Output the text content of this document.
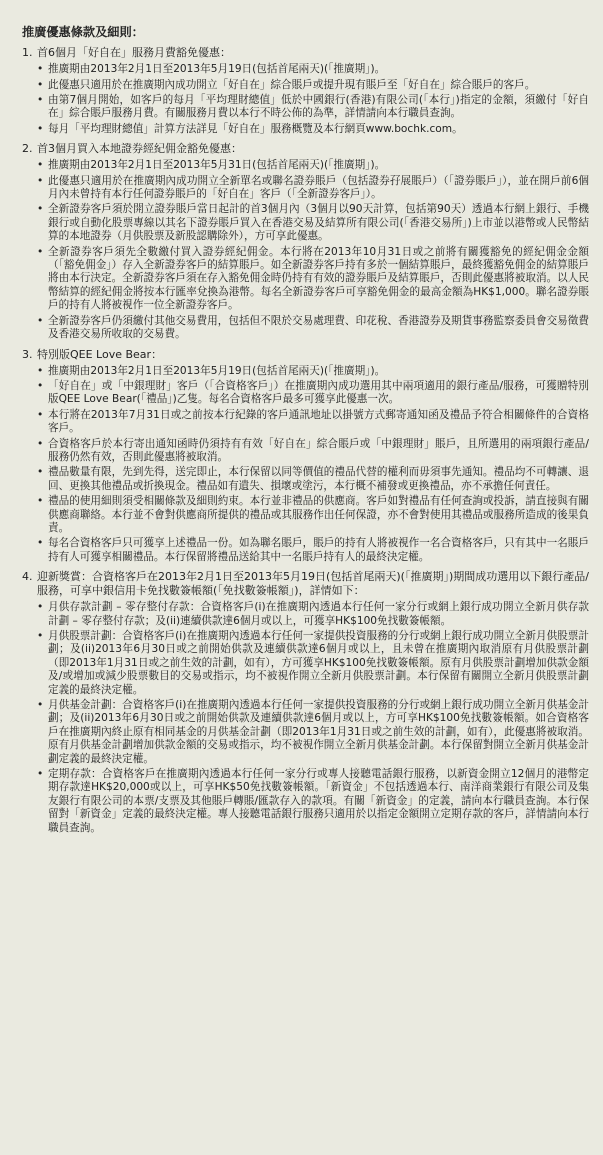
推廣優惠條款及細則：
1. 首6個月「好自在」服務月費豁免優惠：
• 推廣期由2013年2月1日至2013年5月19日(包括首尾兩天)(「推廣期」)。
• 此優惠只適用於在推廣期內成功開立「好自在」綜合賬戶或提升現有賬戶至「好自在」綜合賬戶的客戶。
• 由第7個月開始，如客戶的每月「平均理財總值」低於中國銀行(香港)有限公司(「本行」)指定的金額，須繳付「好自在」綜合賬戶服務月費。有關服務月費以本行不時公佈的為準，詳情請向本行職員查詢。
• 每月「平均理財總值」計算方法詳見「好自在」服務概覽及本行網頁www.bochk.com。
2. 首3個月買入本地證券經紀佣金豁免優惠：
• 推廣期由2013年2月1日至2013年5月31日(包括首尾兩天)(「推廣期」)。
• 此優惠只適用於在推廣期內成功開立全新單名或聯名證券賬戶（包括證券孖展賬戶）（「證券賬戶」），並在開戶前6個月內未曾持有本行任何證券賬戶的「好自在」客戶（「全新證券客戶」）。
• 全新證券客戶須於開立證券賬戶當日起計的首3個月內（3個月以90天計算，包括第90天）透過本行網上銀行、手機銀行或自動化股票專線以其名下證券賬戶買入在香港交易及結算所有限公司(「香港交易所」)上市並以港幣或人民幣結算的本地證券（月供股票及新股認購除外），方可享此優惠。
• 全新證券客戶須先全數繳付買入證券經紀佣金。本行將在2013年10月31日或之前將有關獲豁免的經紀佣金金額（「豁免佣金」）存入全新證券客戶的結算賬戶。如全新證券客戶持有多於一個結算賬戶，最終獲豁免佣金的結算賬戶將由本行決定。全新證券客戶須在存入豁免佣金時仍持有有效的證券賬戶及結算賬戶，否則此優惠將被取消。以人民幣結算的經紀佣金將按本行匯率兌換為港幣。每名全新證券客戶可享豁免佣金的最高金額為HK$1,000。聯名證券賬戶的持有人將被視作一位全新證券客戶。
• 全新證券客戶仍須繳付其他交易費用，包括但不限於交易處理費、印花稅、香港證券及期貨事務監察委員會交易徵費及香港交易所收取的交易費。
3. 特別版QEE Love Bear：
• 推廣期由2013年2月1日至2013年5月19日(包括首尾兩天)(「推廣期」)。
• 「好自在」或「中銀理財」客戶（「合資格客戶」）在推廣期內成功選用其中兩項適用的銀行產品/服務，可獲贈特別版QEE Love Bear(「禮品」)乙隻。每名合資格客戶最多可獲享此優惠一次。
• 本行將在2013年7月31日或之前按本行紀錄的客戶通訊地址以掛號方式郵寄通知函及禮品予符合相關條件的合資格客戶。
• 合資格客戶於本行寄出通知函時仍須持有有效「好自在」綜合賬戶或「中銀理財」賬戶，且所選用的兩項銀行產品/服務仍然有效，否則此優惠將被取消。
• 禮品數量有限，先到先得，送完即止，本行保留以同等價值的禮品代替的權利而毋須事先通知。禮品均不可轉讓、退回、更換其他禮品或折換現金。禮品如有遺失、損壞或塗污，本行概不補發或更換禮品，亦不承擔任何責任。
• 禮品的使用細則須受相關條款及細則約束。本行並非禮品的供應商。客戶如對禮品有任何查詢或投訴，請直接與有關供應商聯絡。本行並不會對供應商所提供的禮品或其服務作出任何保證，亦不會對使用其禮品或服務所造成的後果負責。
• 每名合資格客戶只可獲享上述禮品一份。如為聯名賬戶，賬戶的持有人將被視作一名合資格客戶，只有其中一名賬戶持有人可獲享相關禮品。本行保留將禮品送給其中一名賬戶持有人的最終決定權。
4. 迎新獎賞：合資格客戶在2013年2月1日至2013年5月19日(包括首尾兩天)(「推廣期」)期間成功選用以下銀行產品/服務，可享中銀信用卡免找數簽帳額(「免找數簽帳額」)，詳情如下：
• 月供存款計劃 – 零存整付存款：合資格客戶(i)在推廣期內透過本行任何一家分行或網上銀行成功開立全新月供存款計劃 – 零存整付存款；及(ii)連續供款達6個月或以上，可獲享HK$100免找數簽帳額。
• 月供股票計劃：合資格客戶(i)在推廣期內透過本行任何一家提供投資服務的分行或網上銀行成功開立全新月供股票計劃；及(ii)2013年6月30日或之前開始供款及連續供款達6個月或以上，且未曾在推廣期內取消原有月供股票計劃（即2013年1月31日或之前生效的計劃，如有），方可獲享HK$100免找數簽帳額。原有月供股票計劃增加供款金額及/或增加或減少股票數目的交易或指示，均不被視作開立全新月供股票計劃。本行保留有關開立全新月供股票計劃定義的最終決定權。
• 月供基金計劃：合資格客戶(i)在推廣期內透過本行任何一家提供投資服務的分行或網上銀行成功開立全新月供基金計劃；及(ii)2013年6月30日或之前開始供款及連續供款達6個月或以上，方可享HK$100免找數簽帳額。如合資格客戶在推廣期內終止原有相同基金的月供基金計劃（即2013年1月31日或之前生效的計劃，如有），此優惠將被取消。原有月供基金計劃增加供款金額的交易或指示，均不被視作開立全新月供基金計劃。本行保留對開立全新月供基金計劃定義的最終決定權。
• 定期存款：合資格客戶在推廣期內透過本行任何一家分行或專人接聽電話銀行服務，以新資金開立12個月的港幣定期存款達HK$20,000或以上，可享HK$50免找數簽帳額。「新資金」不包括透過本行、南洋商業銀行有限公司及集友銀行有限公司的本票/支票及其他賬戶轉賬/匯款存入的款項。有關「新資金」的定義，請向本行職員查詢。本行保留對「新資金」定義的最終決定權。專人接聽電話銀行服務只適用於以指定金額開立定期存款的客戶，詳情請向本行職員查詢。
